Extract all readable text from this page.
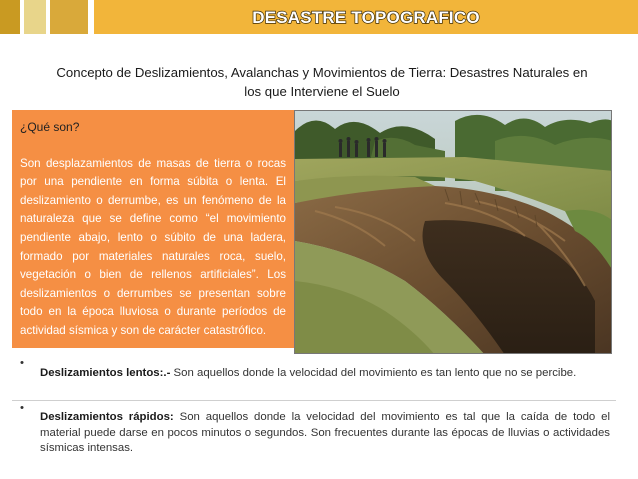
DESASTRE TOPOGRAFICO
Concepto de Deslizamientos, Avalanchas y Movimientos de Tierra: Desastres Naturales en
los que Interviene el Suelo
¿Qué son?
Son desplazamientos de masas de tierra o rocas por una pendiente en forma súbita o lenta. El deslizamiento o derrumbe, es un fenómeno de la naturaleza que se define como “el movimiento pendiente abajo, lento o súbito de una ladera, formado por materiales naturales roca, suelo, vegetación o bien de rellenos artificiales”. Los deslizamientos o derrumbes se presentan sobre todo en la época lluviosa o durante períodos de actividad sísmica y son de carácter catastrófico.
•
Deslizamientos lentos:.- Son aquellos donde la velocidad del movimiento es tan lento que no se percibe.
•
Deslizamientos rápidos: Son aquellos donde la velocidad del movimiento es tal que la caída de todo el material puede darse en pocos minutos o segundos. Son frecuentes durante las épocas de lluvias o actividades sísmicas intensas.
